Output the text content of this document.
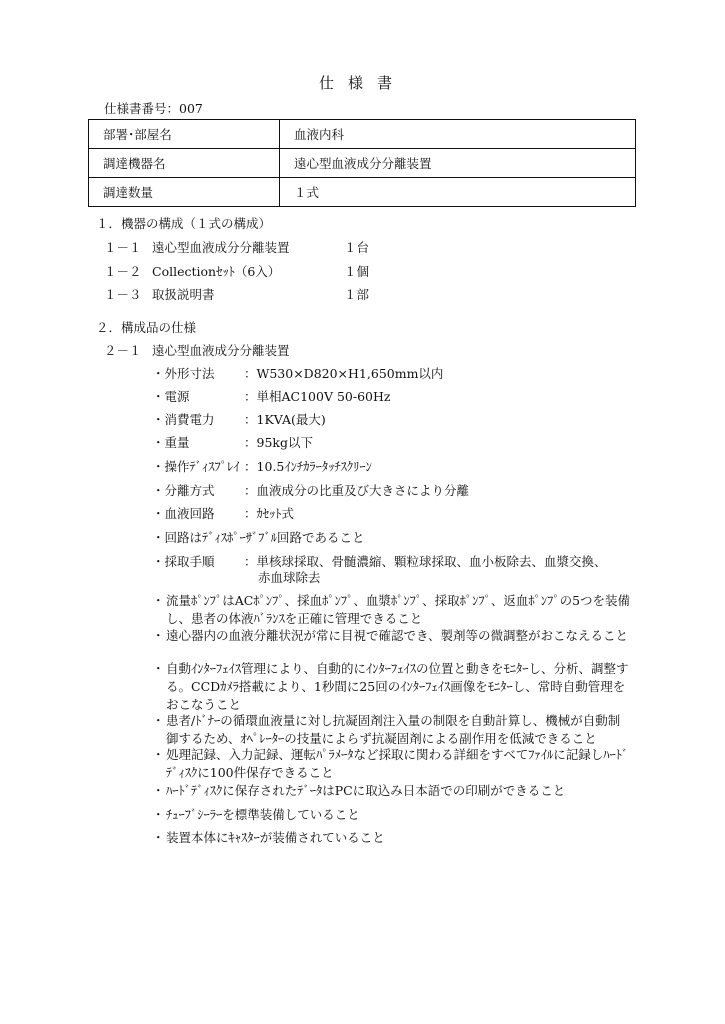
仕様書
仕様書番号：007
部署･部屋名	血液内科
調達機器名	遠心型血液成分分離装置
調達数量	１式
１．機器の構成（１式の構成）
１－１ 遠心型血液成分分離装置	１台
１－２ Collectionｾｯﾄ（6入）	１個
１－３ 取扱説明書	１部
２．構成品の仕様
２－１ 遠心型血液成分分離装置
・外形寸法 ：W530×D820×H1,650mm以内
・電源	：単相AC100V 50-60Hz
・消費電力 ：1KVA(最大)
・重量	：95kg以下
・操作ﾃﾞｨｽﾌﾟﾚｲ ：10.5ｲﾝﾁｶﾗｰﾀｯﾁｽｸﾘｰﾝ
・分離方式 ：血液成分の比重及び大きさにより分離
・血液回路 ：ｶｾｯﾄ式
・回路はﾃﾞｨｽﾎﾟｰｻﾞﾌﾞﾙ回路であること
・採取手順 ：単核球採取、骨髄濃縮、顆粒球採取、血小板除去、血漿交換、
赤血球除去
・ 流量ﾎﾟﾝﾌﾟはACﾎﾟﾝﾌﾟ、採血ﾎﾟﾝﾌﾟ、血漿ﾎﾟﾝﾌﾟ、採取ﾎﾟﾝﾌﾟ、返血ﾎﾟﾝﾌﾟの5つを装備し、患者の体液ﾊﾞﾗﾝｽを正確に管理できること
・ 遠心器内の血液分離状況が常に目視で確認でき、製剤等の微調整がおこなえること
・ 自動ｲﾝﾀｰﾌｪｲｽ管理により、自動的にｲﾝﾀｰﾌｪｲｽの位置と動きをﾓﾆﾀｰし、分析、調整する。CCDｶﾒﾗ搭載により、1秒間に25回のｲﾝﾀｰﾌｪｲｽ画像をﾓﾆﾀｰし、常時自動管理をおこなうこと
・ 患者/ﾄﾞﾅｰの循環血液量に対し抗凝固剤注入量の制限を自動計算し、機械が自動制御するため、ｵﾍﾟﾚｰﾀｰの技量によらず抗凝固剤による副作用を低減できること
・ 処理記録、入力記録、運転ﾊﾟﾗﾒｰﾀなど採取に関わる詳細をすべてﾌｧｲﾙに記録しﾊｰﾄﾞﾃﾞｨｽｸに100件保存できること
・ ﾊｰﾄﾞﾃﾞｨｽｸに保存されたﾃﾞｰﾀはPCに取込み日本語での印刷ができること
・ ﾁｭｰﾌﾞｼｰﾗｰを標準装備していること
・ 装置本体にｷｬｽﾀｰが装備されていること
